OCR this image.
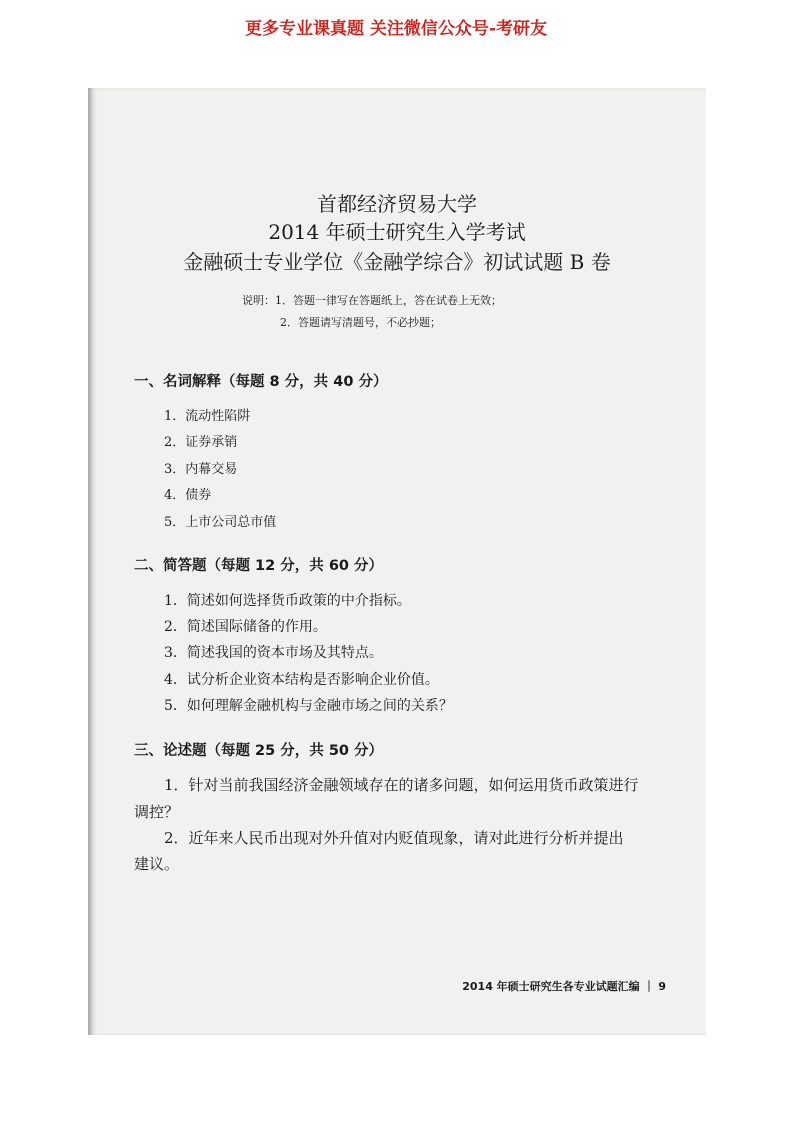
更多专业课真题 关注微信公众号-考研友
首都经济贸易大学
2014 年硕士研究生入学考试
金融硕士专业学位《金融学综合》初试试题 B 卷
说明：1．答题一律写在答题纸上，答在试卷上无效；
2．答题请写清题号，不必抄题；
一、名词解释（每题 8 分，共 40 分）
1．流动性陷阱
2．证券承销
3．内幕交易
4．债券
5．上市公司总市值
二、简答题（每题 12 分，共 60 分）
1．简述如何选择货币政策的中介指标。
2．简述国际储备的作用。
3．简述我国的资本市场及其特点。
4．试分析企业资本结构是否影响企业价值。
5．如何理解金融机构与金融市场之间的关系？
三、论述题（每题 25 分，共 50 分）
1．针对当前我国经济金融领域存在的诸多问题，如何运用货币政策进行
调控？
2．近年来人民币出现对外升值对内贬值现象，请对此进行分析并提出
建议。
2014 年硕士研究生各专业试题汇编 ｜ 9
